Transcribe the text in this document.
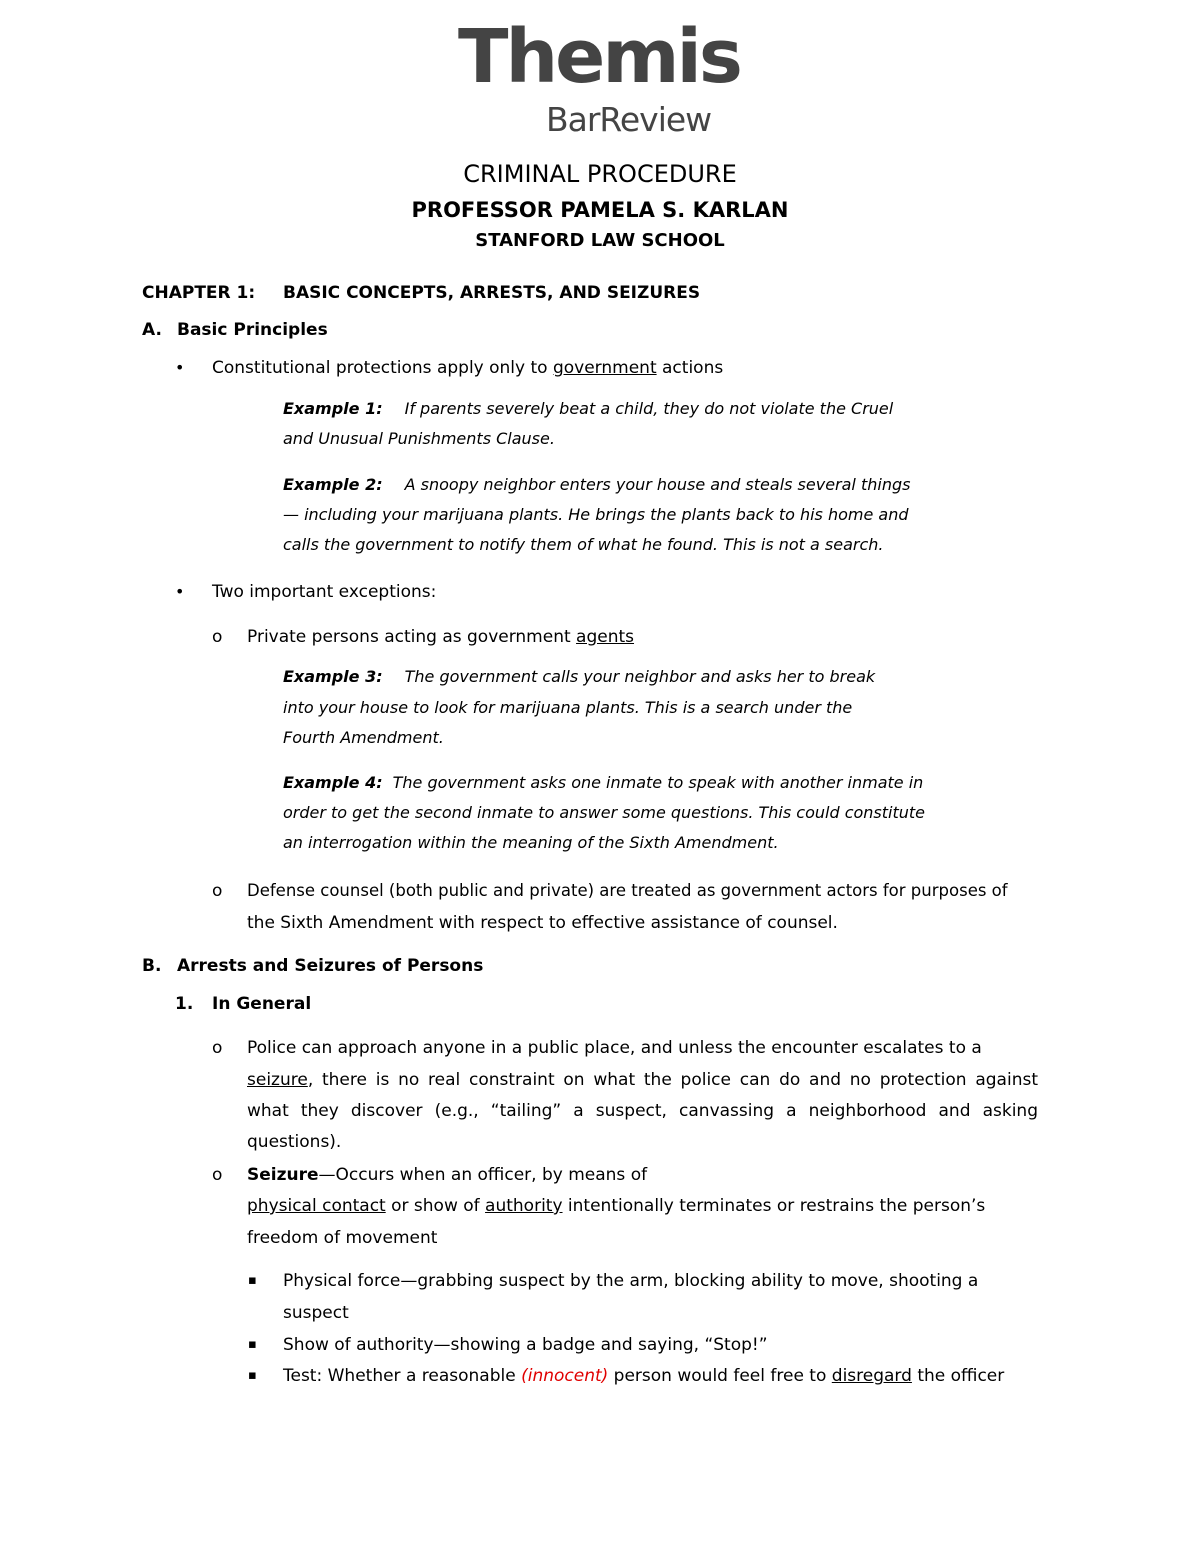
Themis
BarReview
CRIMINAL PROCEDURE
PROFESSOR PAMELA S. KARLAN
STANFORD LAW SCHOOL
CHAPTER 1: BASIC CONCEPTS, ARRESTS, AND SEIZURES
A. Basic Principles
• Constitutional protections apply only to government actions
Example 1: If parents severely beat a child, they do not violate the Cruel
and Unusual Punishments Clause.
Example 2: A snoopy neighbor enters your house and steals several things
— including your marijuana plants. He brings the plants back to his home and
calls the government to notify them of what he found. This is not a search.
• Two important exceptions:
o Private persons acting as government agents
Example 3: The government calls your neighbor and asks her to break
into your house to look for marijuana plants. This is a search under the
Fourth Amendment.
Example 4: The government asks one inmate to speak with another inmate in
order to get the second inmate to answer some questions. This could constitute
an interrogation within the meaning of the Sixth Amendment.
o Defense counsel (both public and private) are treated as government actors for purposes of
the Sixth Amendment with respect to effective assistance of counsel.
B. Arrests and Seizures of Persons
1. In General
o Police can approach anyone in a public place, and unless the encounter escalates to a
seizure, there is no real constraint on what the police can do and no protection against
what they discover (e.g., “tailing” a suspect, canvassing a neighborhood and asking
questions).
o Seizure—Occurs when an officer, by means of
physical contact or show of authority intentionally terminates or restrains the person’s
freedom of movement
▪ Physical force—grabbing suspect by the arm, blocking ability to move, shooting a
suspect
▪ Show of authority—showing a badge and saying, “Stop!”
▪ Test: Whether a reasonable (innocent) person would feel free to disregard the officer
